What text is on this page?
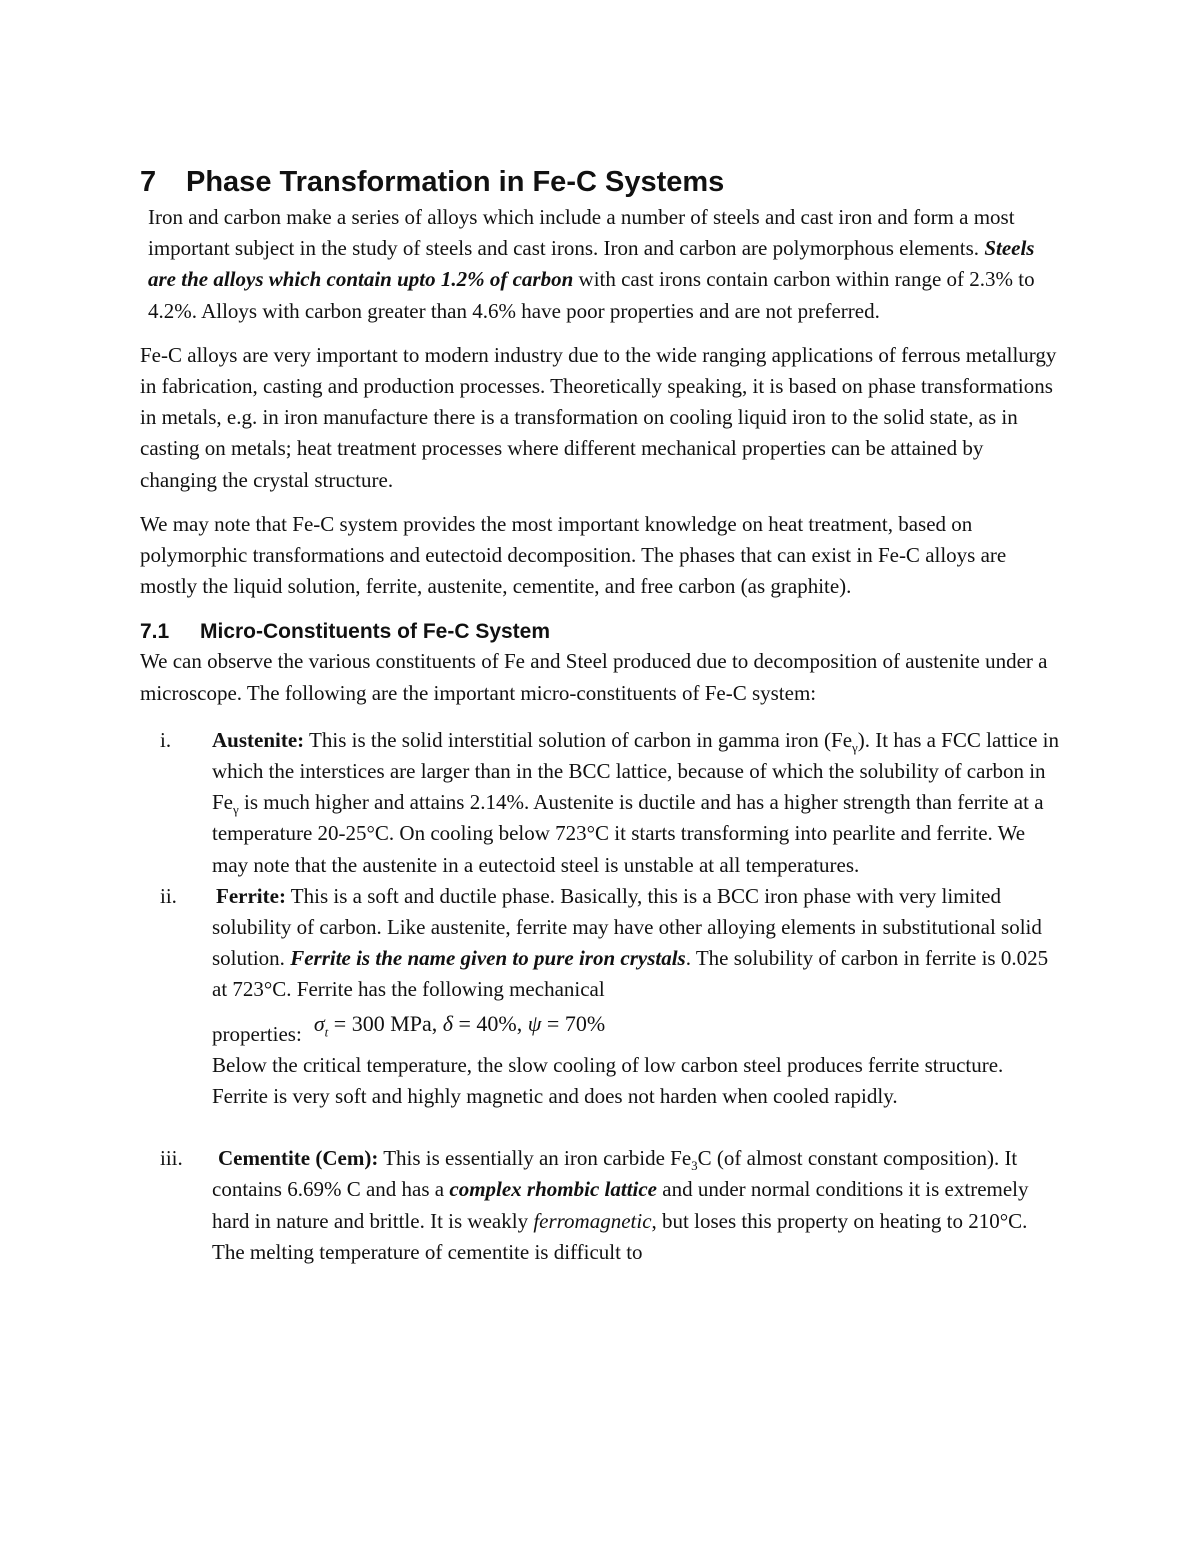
7 Phase Transformation in Fe-C Systems

Iron and carbon make a series of alloys which include a number of steels and cast iron and form a most important subject in the study of steels and cast irons. Iron and carbon are polymorphous elements. Steels are the alloys which contain upto 1.2% of carbon with cast irons contain carbon within range of 2.3% to 4.2%. Alloys with carbon greater than 4.6% have poor properties and are not preferred.

Fe-C alloys are very important to modern industry due to the wide ranging applications of ferrous metallurgy in fabrication, casting and production processes. Theoretically speaking, it is based on phase transformations in metals, e.g. in iron manufacture there is a transformation on cooling liquid iron to the solid state, as in casting on metals; heat treatment processes where different mechanical properties can be attained by changing the crystal structure.

We may note that Fe-C system provides the most important knowledge on heat treatment, based on polymorphic transformations and eutectoid decomposition. The phases that can exist in Fe-C alloys are mostly the liquid solution, ferrite, austenite, cementite, and free carbon (as graphite).

7.1 Micro-Constituents of Fe-C System

We can observe the various constituents of Fe and Steel produced due to decomposition of austenite under a microscope. The following are the important micro-constituents of Fe-C system:

i. Austenite: This is the solid interstitial solution of carbon in gamma iron $(Fe_\gamma)$. It has a FCC lattice in which the interstices are larger than in the BCC lattice, because of which the solubility of carbon in $Fe_\gamma$ is much higher and attains 2.14%. Austenite is ductile and has a higher strength than ferrite at a temperature 20-25°C. On cooling below 723°C it starts transforming into pearlite and ferrite. We may note that the austenite in a eutectoid steel is unstable at all temperatures.
ii. Ferrite: This is a soft and ductile phase. Basically, this is a BCC iron phase with very limited solubility of carbon. Like austenite, ferrite may have other alloying elements in substitutional solid solution. Ferrite is the name given to pure iron crystals. The solubility of carbon in ferrite is 0.025 at 723°C. Ferrite has the following mechanical
properties: $\sigma_t = 300$ MPa, δ = 40%, ψ = 70%
Below the critical temperature, the slow cooling of low carbon steel produces ferrite structure.
Ferrite is very soft and highly magnetic and does not harden when cooled rapidly.
iii. Cementite (Cem): This is essentially an iron carbide $Fe_3C$ (of almost constant composition). It contains 6.69% C and has a complex rhombic lattice and under normal conditions it is extremely hard in nature and brittle. It is weakly ferromagnetic, but loses this property on heating to 210°C. The melting temperature of cementite is difficult to
